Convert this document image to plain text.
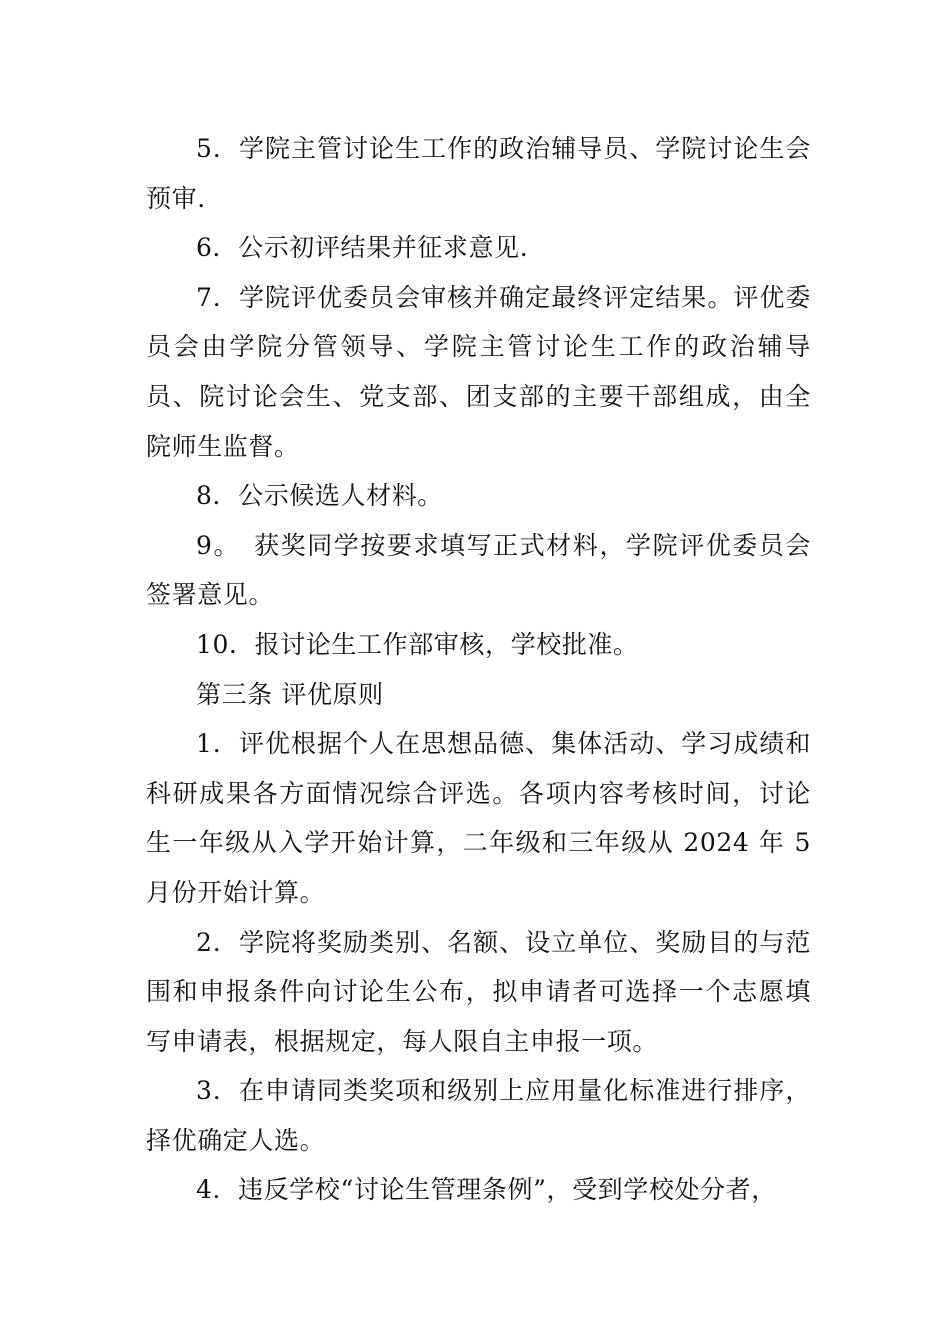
5．学院主管讨论生工作的政治辅导员、学院讨论生会预审.

6．公示初评结果并征求意见.

7．学院评优委员会审核并确定最终评定结果。评优委员会由学院分管领导、学院主管讨论生工作的政治辅导员、院讨论会生、党支部、团支部的主要干部组成，由全院师生监督。

8．公示候选人材料。

9。　获奖同学按要求填写正式材料，学院评优委员会签署意见。

10．报讨论生工作部审核，学校批准。

第三条 评优原则

1．评优根据个人在思想品德、集体活动、学习成绩和科研成果各方面情况综合评选。各项内容考核时间，讨论生一年级从入学开始计算，二年级和三年级从 2024 年 5 月份开始计算。

2．学院将奖励类别、名额、设立单位、奖励目的与范围和申报条件向讨论生公布，拟申请者可选择一个志愿填写申请表，根据规定，每人限自主申报一项。

3．在申请同类奖项和级别上应用量化标准进行排序，择优确定人选。

4．违反学校“讨论生管理条例”，受到学校处分者，
